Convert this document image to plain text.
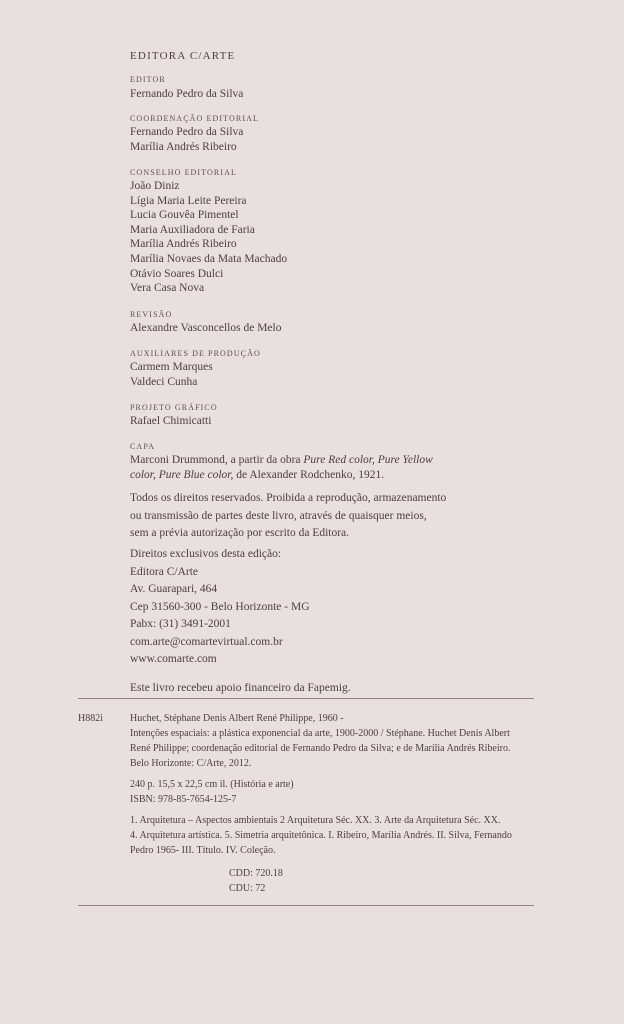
EDITORA C/ARTE
EDITOR
Fernando Pedro da Silva
COORDENAÇÃO EDITORIAL
Fernando Pedro da Silva
Marília Andrés Ribeiro
CONSELHO EDITORIAL
João Diniz
Lígia Maria Leite Pereira
Lucia Gouvêa Pimentel
Maria Auxiliadora de Faria
Marília Andrés Ribeiro
Marília Novaes da Mata Machado
Otávio Soares Dulci
Vera Casa Nova
REVISÃO
Alexandre Vasconcellos de Melo
AUXILIARES DE PRODUÇÃO
Carmem Marques
Valdeci Cunha
PROJETO GRÁFICO
Rafael Chimicatti
CAPA
Marconi Drummond, a partir da obra Pure Red color, Pure Yellow
color, Pure Blue color, de Alexander Rodchenko, 1921.
Todos os direitos reservados. Proibida a reprodução, armazenamento
ou transmissão de partes deste livro, através de quaisquer meios,
sem a prévia autorização por escrito da Editora.
Direitos exclusivos desta edição:
Editora C/Arte
Av. Guarapari, 464
Cep 31560-300 - Belo Horizonte - MG
Pabx: (31) 3491-2001
com.arte@comartevirtual.com.br
www.comarte.com
Este livro recebeu apoio financeiro da Fapemig.
H882i	Huchet, Stéphane Denis Albert René Philippe, 1960 -
Intenções espaciais: a plástica exponencial da arte, 1900-2000 / Stéphane. Huchet Denis Albert
René Philippe; coordenação editorial de Fernando Pedro da Silva; e de Marília Andrés Ribeiro.
Belo Horizonte: C/Arte, 2012.
240 p. 15,5 x 22,5 cm il. (História e arte)
ISBN: 978-85-7654-125-7
1. Arquitetura – Aspectos ambientais 2 Arquitetura Séc. XX. 3. Arte da Arquitetura Séc. XX.
4. Arquitetura artística. 5. Simetria arquitetônica. I. Ribeiro, Marília Andrés. II. Silva, Fernando
Pedro 1965- III. Título. IV. Coleção.
CDD: 720.18
CDU: 72
